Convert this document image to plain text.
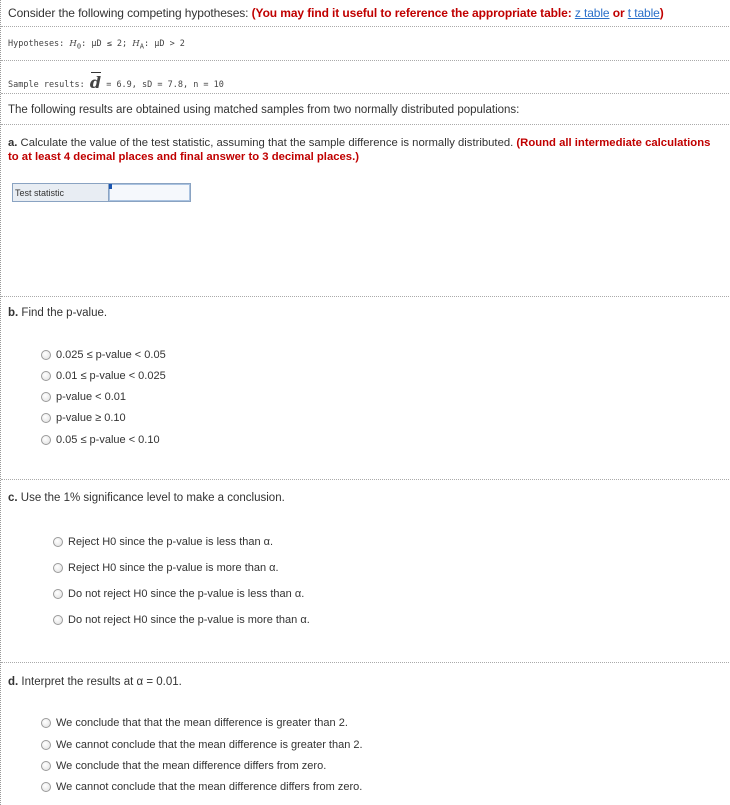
Consider the following competing hypotheses: (You may find it useful to reference the appropriate table: z table or t table)
Hypotheses: $H_0$: μD ≤ 2; $H_A$: μD > 2
Sample results: d = 6.9, sD = 7.8, n = 10
The following results are obtained using matched samples from two normally distributed populations:
a. Calculate the value of the test statistic, assuming that the sample difference is normally distributed. (Round all intermediate calculations to at least 4 decimal places and final answer to 3 decimal places.)
Test statistic
b. Find the p-value.
0.025 ≤ p-value < 0.05
0.01 ≤ p-value < 0.025
p-value < 0.01
p-value ≥ 0.10
0.05 ≤ p-value < 0.10
c. Use the 1% significance level to make a conclusion.
Reject H0 since the p-value is less than α.
Reject H0 since the p-value is more than α.
Do not reject H0 since the p-value is less than α.
Do not reject H0 since the p-value is more than α.
d. Interpret the results at α = 0.01.
We conclude that that the mean difference is greater than 2.
We cannot conclude that the mean difference is greater than 2.
We conclude that the mean difference differs from zero.
We cannot conclude that the mean difference differs from zero.
